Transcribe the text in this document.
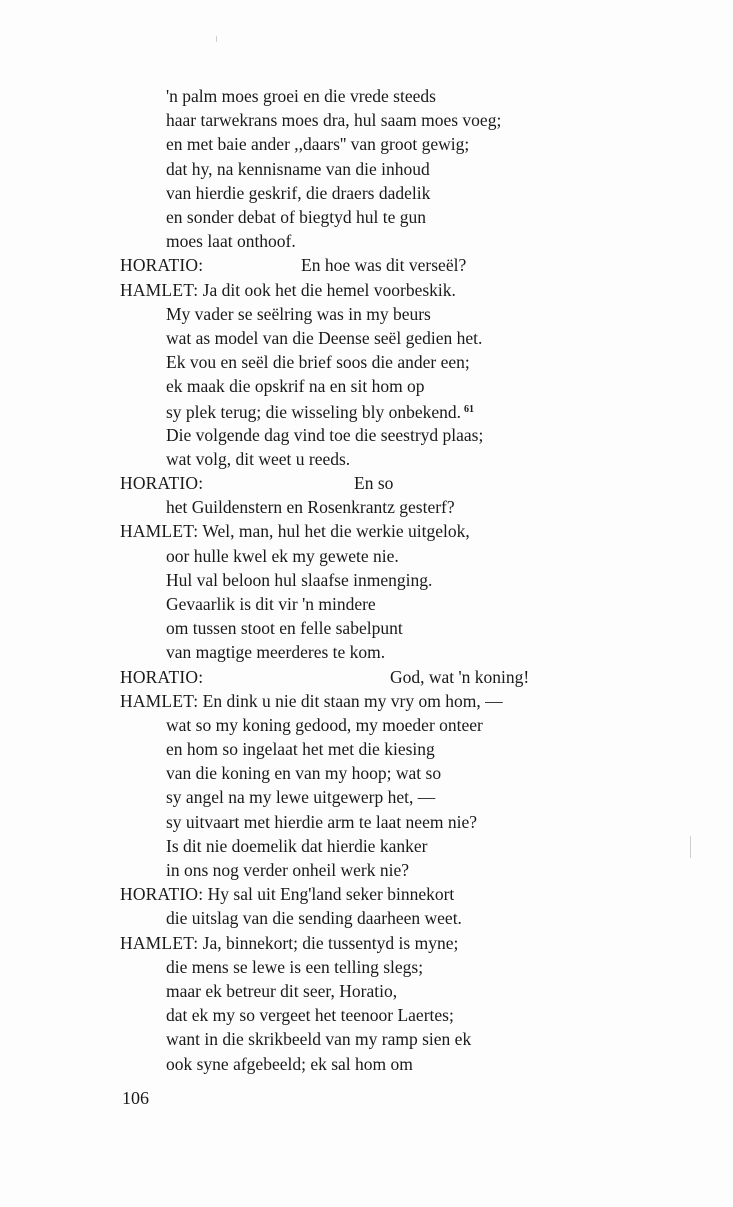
'n palm moes groei en die vrede steeds
haar tarwekrans moes dra, hul saam moes voeg;
en met baie ander ,,daars'' van groot gewig;
dat hy, na kennisname van die inhoud
van hierdie geskrif, die draers dadelik
en sonder debat of biegtyd hul te gun
moes laat onthoof.
HORATIO:	En hoe was dit verseël?
HAMLET: Ja dit ook het die hemel voorbeskik.
My vader se seëlring was in my beurs
wat as model van die Deense seël gedien het.
Ek vou en seël die brief soos die ander een;
ek maak die opskrif na en sit hom op
sy plek terug; die wisseling bly onbekend. $^{61}$
Die volgende dag vind toe die seestryd plaas;
wat volg, dit weet u reeds.
HORATIO:	En so
het Guildenstern en Rosenkrantz gesterf?
HAMLET: Wel, man, hul het die werkie uitgelok,
oor hulle kwel ek my gewete nie.
Hul val beloon hul slaafse inmenging.
Gevaarlik is dit vir 'n mindere
om tussen stoot en felle sabelpunt
van magtige meerderes te kom.
HORATIO:	God, wat 'n koning!
HAMLET: En dink u nie dit staan my vry om hom, —
wat so my koning gedood, my moeder onteer
en hom so ingelaat het met die kiesing
van die koning en van my hoop; wat so
sy angel na my lewe uitgewerp het, —
sy uitvaart met hierdie arm te laat neem nie?
Is dit nie doemelik dat hierdie kanker
in ons nog verder onheil werk nie?
HORATIO: Hy sal uit Eng'land seker binnekort
die uitslag van die sending daarheen weet.
HAMLET: Ja, binnekort; die tussentyd is myne;
die mens se lewe is een telling slegs;
maar ek betreur dit seer, Horatio,
dat ek my so vergeet het teenoor Laertes;
want in die skrikbeeld van my ramp sien ek
ook syne afgebeeld; ek sal hom om
106
